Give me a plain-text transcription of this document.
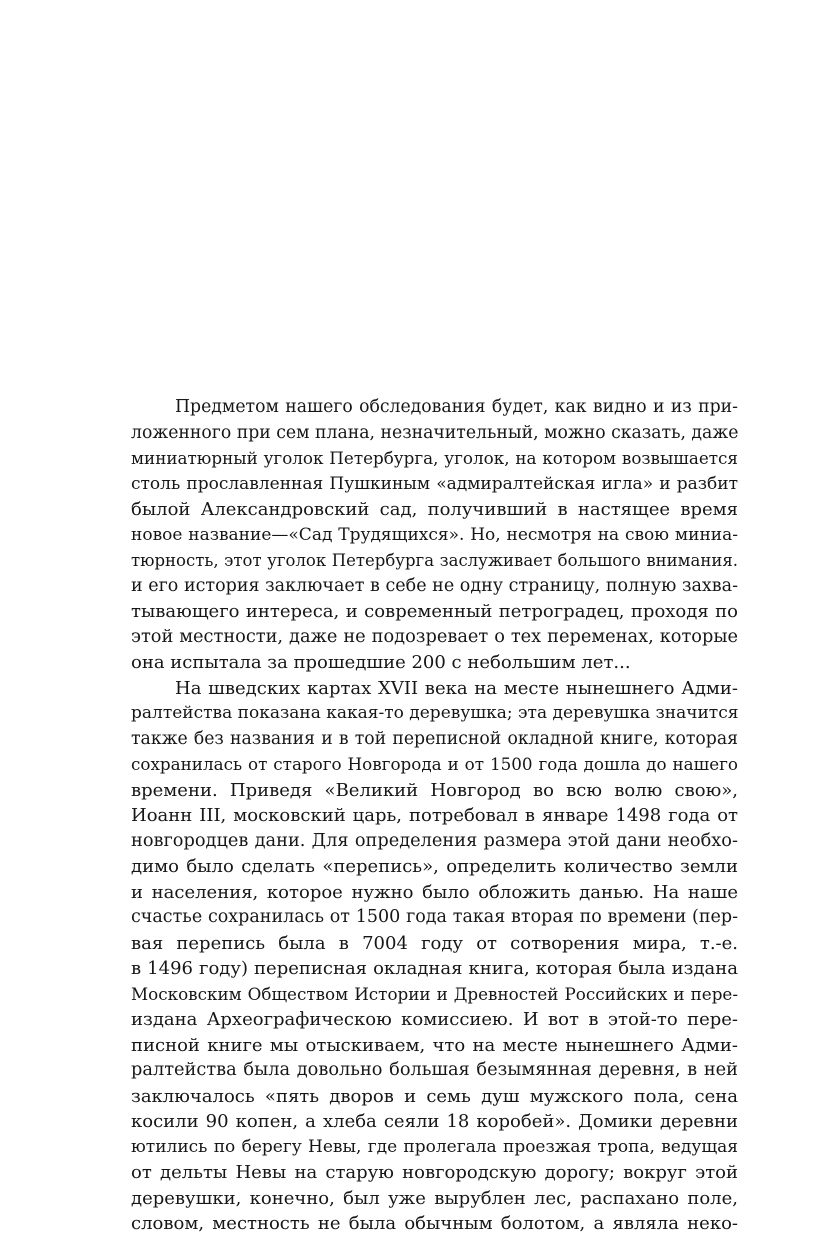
Предметом нашего обследования будет, как видно и из при-
ложенного при сем плана, незначительный, можно сказать, даже
миниатюрный уголок Петербурга, уголок, на котором возвышается
столь прославленная Пушкиным «адмиралтейская игла» и разбит
былой Александровский сад, получивший в настящее время
новое название—«Сад Трудящихся». Но, несмотря на свою миниа-
тюрность, этот уголок Петербурга заслуживает большого внимания.
и его история заключает в себе не одну страницу, полную захва-
тывающего интереса, и современный петроградец, проходя по
этой местности, даже не подозревает о тех переменах, которые
она испытала за прошедшие 200 с небольшим лет...
На шведских картах XVII века на месте нынешнего Адми-
ралтейства показана какая-то деревушка; эта деревушка значится
также без названия и в той переписной окладной книге, которая
сохранилась от старого Новгорода и от 1500 года дошла до нашего
времени. Приведя «Великий Новгород во всю волю свою»,
Иоанн III, московский царь, потребовал в январе 1498 года от
новгородцев дани. Для определения размера этой дани необхо-
димо было сделать «перепись», определить количество земли
и населения, которое нужно было обложить данью. На наше
счастье сохранилась от 1500 года такая вторая по времени (пер-
вая перепись была в 7004 году от сотворения мира, т.-е.
в 1496 году) переписная окладная книга, которая была издана
Московским Обществом Истории и Древностей Российских и пере-
издана Археографическою комиссиею. И вот в этой-то пере-
писной книге мы отыскиваем, что на месте нынешнего Адми-
ралтейства была довольно большая безымянная деревня, в ней
заключалось «пять дворов и семь душ мужского пола, сена
косили 90 копен, а хлеба сеяли 18 коробей». Домики деревни
ютились по берегу Невы, где пролегала проезжая тропа, ведущая
от дельты Невы на старую новгородскую дорогу; вокруг этой
деревушки, конечно, был уже вырублен лес, распахано поле,
словом, местность не была обычным болотом, а являла неко-
